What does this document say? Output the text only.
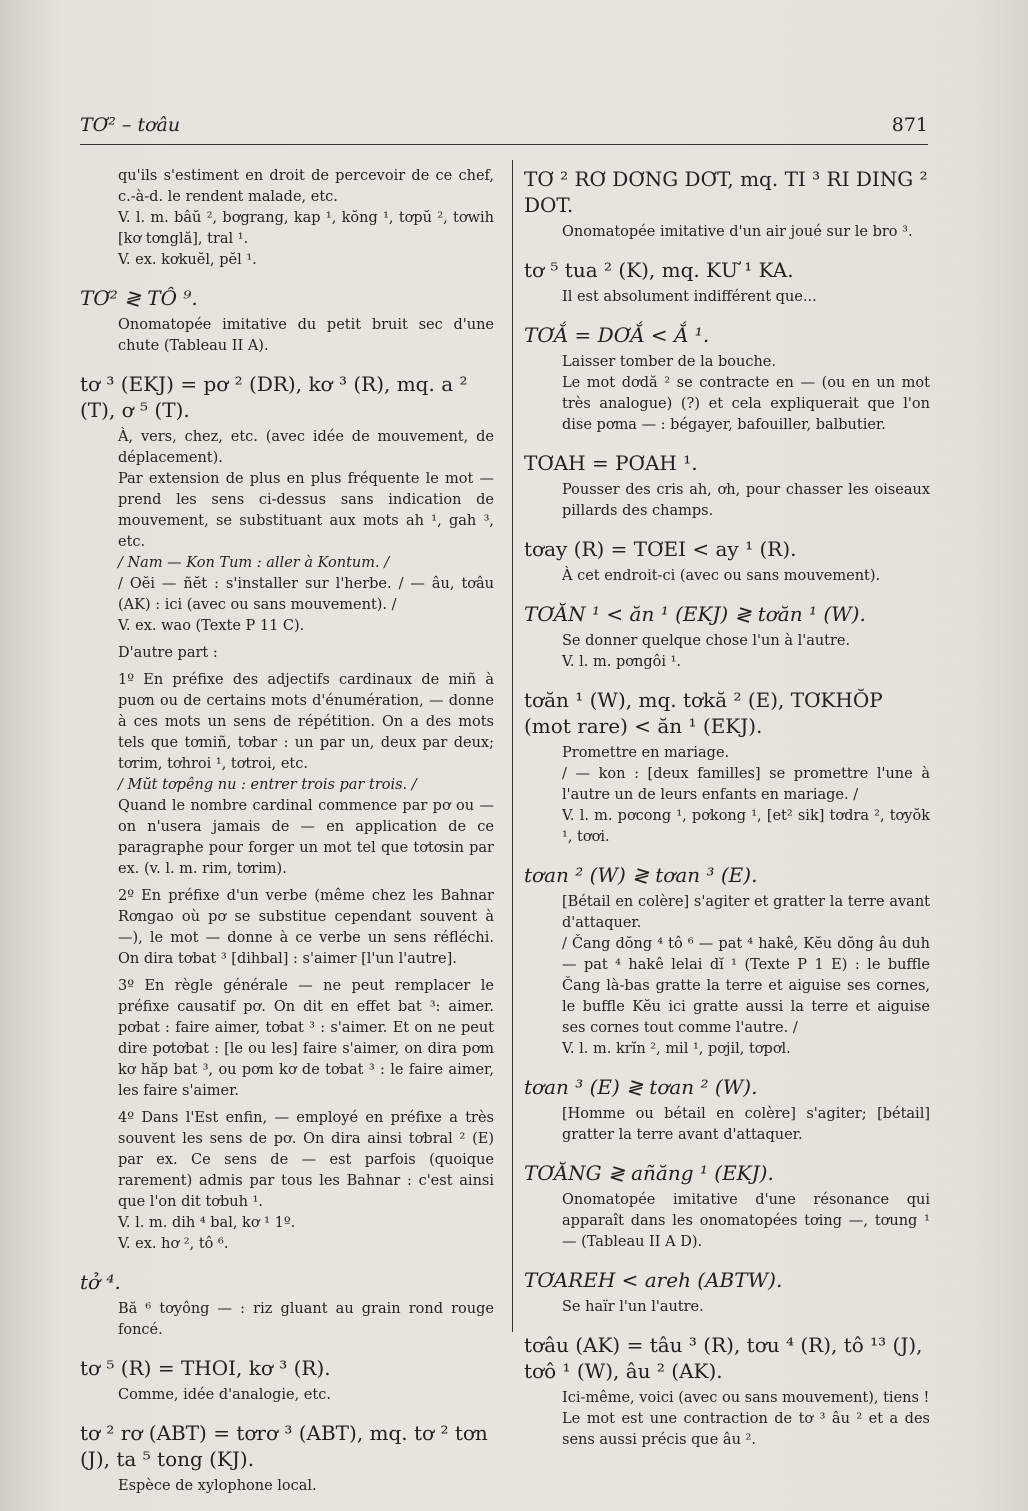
TƠ² – tơâu	871

qu'ils s'estiment en droit de percevoir de ce chef, c.-à-d. le rendent malade, etc.

V. l. m. bâŭ ², bơgrang, kap ¹, kŏng ¹, tơpŭ ², tơwih [kơ tơnglă], tral ¹.

V. ex. kơkuĕl, pĕl ¹.

TƠ² ≷ TÔ ⁹.

Onomatopée imitative du petit bruit sec d'une chute (Tableau II A).

tơ ³ (EKJ) = pơ ² (DR), kơ ³ (R), mq. a ² (T), ơ ⁵ (T).

À, vers, chez, etc. (avec idée de mouvement, de déplacement).

Par extension de plus en plus fréquente le mot — prend les sens ci-dessus sans indication de mouvement, se substituant aux mots ah ¹, gah ³, etc.

/ Nam — Kon Tum : aller à Kontum. /

/ Oĕi — ñĕt : s'installer sur l'herbe. / — âu, tơâu (AK) : ici (avec ou sans mouvement). /

V. ex. wao (Texte P 11 C).

D'autre part :

1º En préfixe des adjectifs cardinaux de miñ à puơn ou de certains mots d'énumération, — donne à ces mots un sens de répétition. On a des mots tels que tơmiñ, tơbar : un par un, deux par deux; tơrim, tơhroi ¹, tơtroi, etc.

/ Mŭt tơpêng nu : entrer trois par trois. /

Quand le nombre cardinal commence par pơ ou — on n'usera jamais de — en application de ce paragraphe pour forger un mot tel que tơtơsin par ex. (v. l. m. rim, tơrim).

2º En préfixe d'un verbe (même chez les Bahnar Rơngao où pơ se substitue cependant souvent à —), le mot — donne à ce verbe un sens réfléchi. On dira tơbat ³ [dihbal] : s'aimer [l'un l'autre].

3º En règle générale — ne peut remplacer le préfixe causatif pơ. On dit en effet bat ³: aimer. pơbat : faire aimer, tơbat ³ : s'aimer. Et on ne peut dire pơtơbat : [le ou les] faire s'aimer, on dira pơm kơ hăp bat ³, ou pơm kơ de tơbat ³ : le faire aimer, les faire s'aimer.

4º Dans l'Est enfin, — employé en préfixe a très souvent les sens de pơ. On dira ainsi tơbral ² (E) par ex. Ce sens de — est parfois (quoique rarement) admis par tous les Bahnar : c'est ainsi que l'on dit tơbuh ¹.

V. l. m. dih ⁴ bal, kơ ¹ 1º.

V. ex. hơ ², tô ⁶.

tở ⁴.

Bă ⁶ tơyông — : riz gluant au grain rond rouge foncé.

tơ ⁵ (R) = THOI, kơ ³ (R).

Comme, idée d'analogie, etc.

tơ ² rơ (ABT) = tơrơ ³ (ABT), mq. tơ ² tơn (J), ta ⁵ tong (KJ).

Espèce de xylophone local.

TƠ ² RƠ DƠNG DƠT, mq. TI ³ RI DING ² DOT.

Onomatopée imitative d'un air joué sur le bro ³.

tơ ⁵ tua ² (K), mq. KƯ ¹ KA.

Il est absolument indifférent que...

TƠẮ = DƠẮ < Ắ ¹.

Laisser tomber de la bouche.

Le mot dơdă ² se contracte en — (ou en un mot très analogue) (?) et cela expliquerait que l'on dise pơma — : bégayer, bafouiller, balbutier.

TƠAH = PƠAH ¹.

Pousser des cris ah, ơh, pour chasser les oiseaux pillards des champs.

tơay (R) = TƠEI < ay ¹ (R).

À cet endroit-ci (avec ou sans mouvement).

TƠĂN ¹ < ăn ¹ (EKJ) ≷ tơăn ¹ (W).

Se donner quelque chose l'un à l'autre.

V. l. m. pơngôi ¹.

tơăn ¹ (W), mq. tơkă ² (E), TƠKHŎP (mot rare) < ăn ¹ (EKJ).

Promettre en mariage.

/ — kon : [deux familles] se promettre l'une à l'autre un de leurs enfants en mariage. /

V. l. m. pơcong ¹, pơkong ¹, [et² sik] tơdra ², tơyŏk ¹, tơơi.

tơan ² (W) ≷ tơan ³ (E).

[Bétail en colère] s'agiter et gratter la terre avant d'attaquer.

/ Čang dŏng ⁴ tô ⁶ — pat ⁴ hakê, Kĕu dŏng âu duh — pat ⁴ hakê lelai dĭ ¹ (Texte P 1 E) : le buffle Čang là-bas gratte la terre et aiguise ses cornes, le buffle Kĕu ici gratte aussi la terre et aiguise ses cornes tout comme l'autre. /

V. l. m. krĭn ², mil ¹, pơjil, tơpơl.

tơan ³ (E) ≷ tơan ² (W).

[Homme ou bétail en colère] s'agiter; [bétail] gratter la terre avant d'attaquer.

TƠĂNG ≷ añăng ¹ (EKJ).

Onomatopée imitative d'une résonance qui apparaît dans les onomatopées tơing —, tơung ¹ — (Tableau II A D).

TƠAREH < areh (ABTW).

Se haïr l'un l'autre.

tơâu (AK) = tâu ³ (R), tơu ⁴ (R), tô ¹³ (J), tơô ¹ (W), âu ² (AK).

Ici-même, voici (avec ou sans mouvement), tiens !

Le mot est une contraction de tơ ³ âu ² et a des sens aussi précis que âu ².
